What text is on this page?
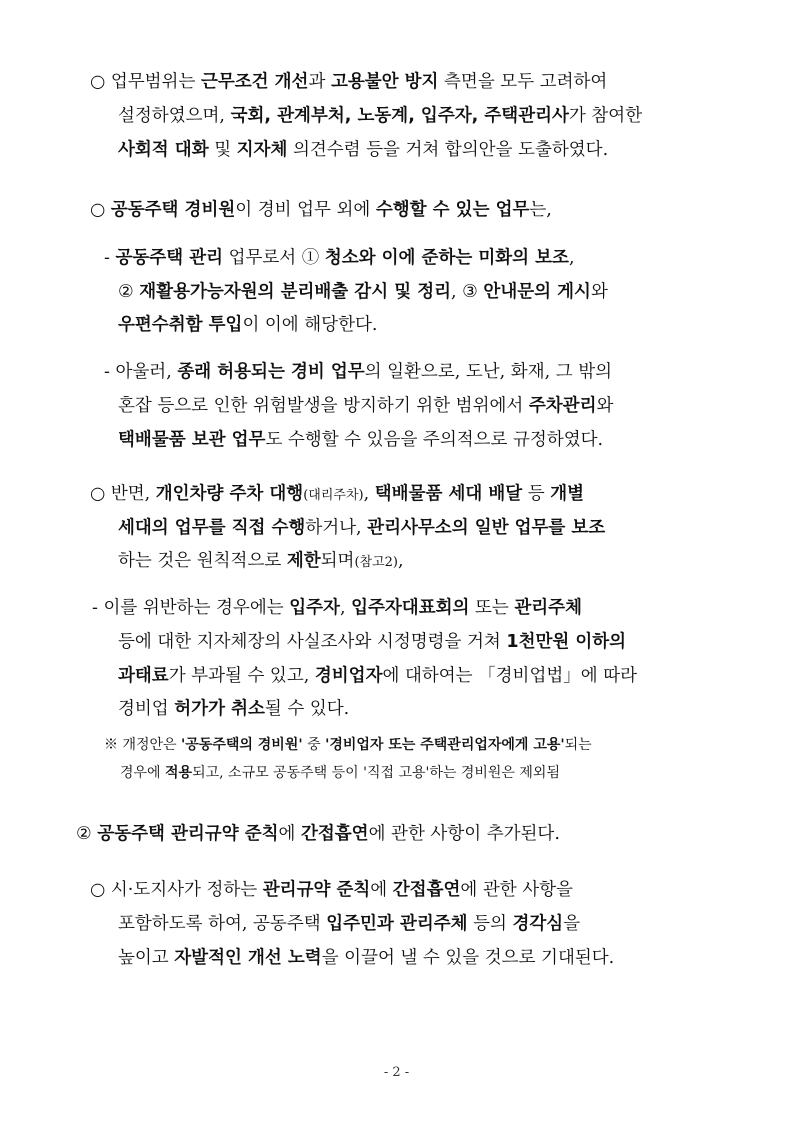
○ 업무범위는 근무조건 개선과 고용불안 방지 측면을 모두 고려하여
설정하였으며, 국회, 관계부처, 노동계, 입주자, 주택관리사가 참여한
사회적 대화 및 지자체 의견수렴 등을 거쳐 합의안을 도출하였다.
○ 공동주택 경비원이 경비 업무 외에 수행할 수 있는 업무는,
- 공동주택 관리 업무로서 ① 청소와 이에 준하는 미화의 보조,
② 재활용가능자원의 분리배출 감시 및 정리, ③ 안내문의 게시와
우편수취함 투입이 이에 해당한다.
- 아울러, 종래 허용되는 경비 업무의 일환으로, 도난, 화재, 그 밖의
혼잡 등으로 인한 위험발생을 방지하기 위한 범위에서 주차관리와
택배물품 보관 업무도 수행할 수 있음을 주의적으로 규정하였다.
○ 반면, 개인차량 주차 대행(대리주차), 택배물품 세대 배달 등 개별
세대의 업무를 직접 수행하거나, 관리사무소의 일반 업무를 보조
하는 것은 원칙적으로 제한되며(참고2),
- 이를 위반하는 경우에는 입주자, 입주자대표회의 또는 관리주체
등에 대한 지자체장의 사실조사와 시정명령을 거쳐 1천만원 이하의
과태료가 부과될 수 있고, 경비업자에 대하여는 「경비업법」에 따라
경비업 허가가 취소될 수 있다.
※ 개정안은 '공동주택의 경비원' 중 '경비업자 또는 주택관리업자에게 고용'되는
경우에 적용되고, 소규모 공동주택 등이 '직접 고용'하는 경비원은 제외됨
② 공동주택 관리규약 준칙에 간접흡연에 관한 사항이 추가된다.
○ 시·도지사가 정하는 관리규약 준칙에 간접흡연에 관한 사항을
포함하도록 하여, 공동주택 입주민과 관리주체 등의 경각심을
높이고 자발적인 개선 노력을 이끌어 낼 수 있을 것으로 기대된다.
- 2 -
